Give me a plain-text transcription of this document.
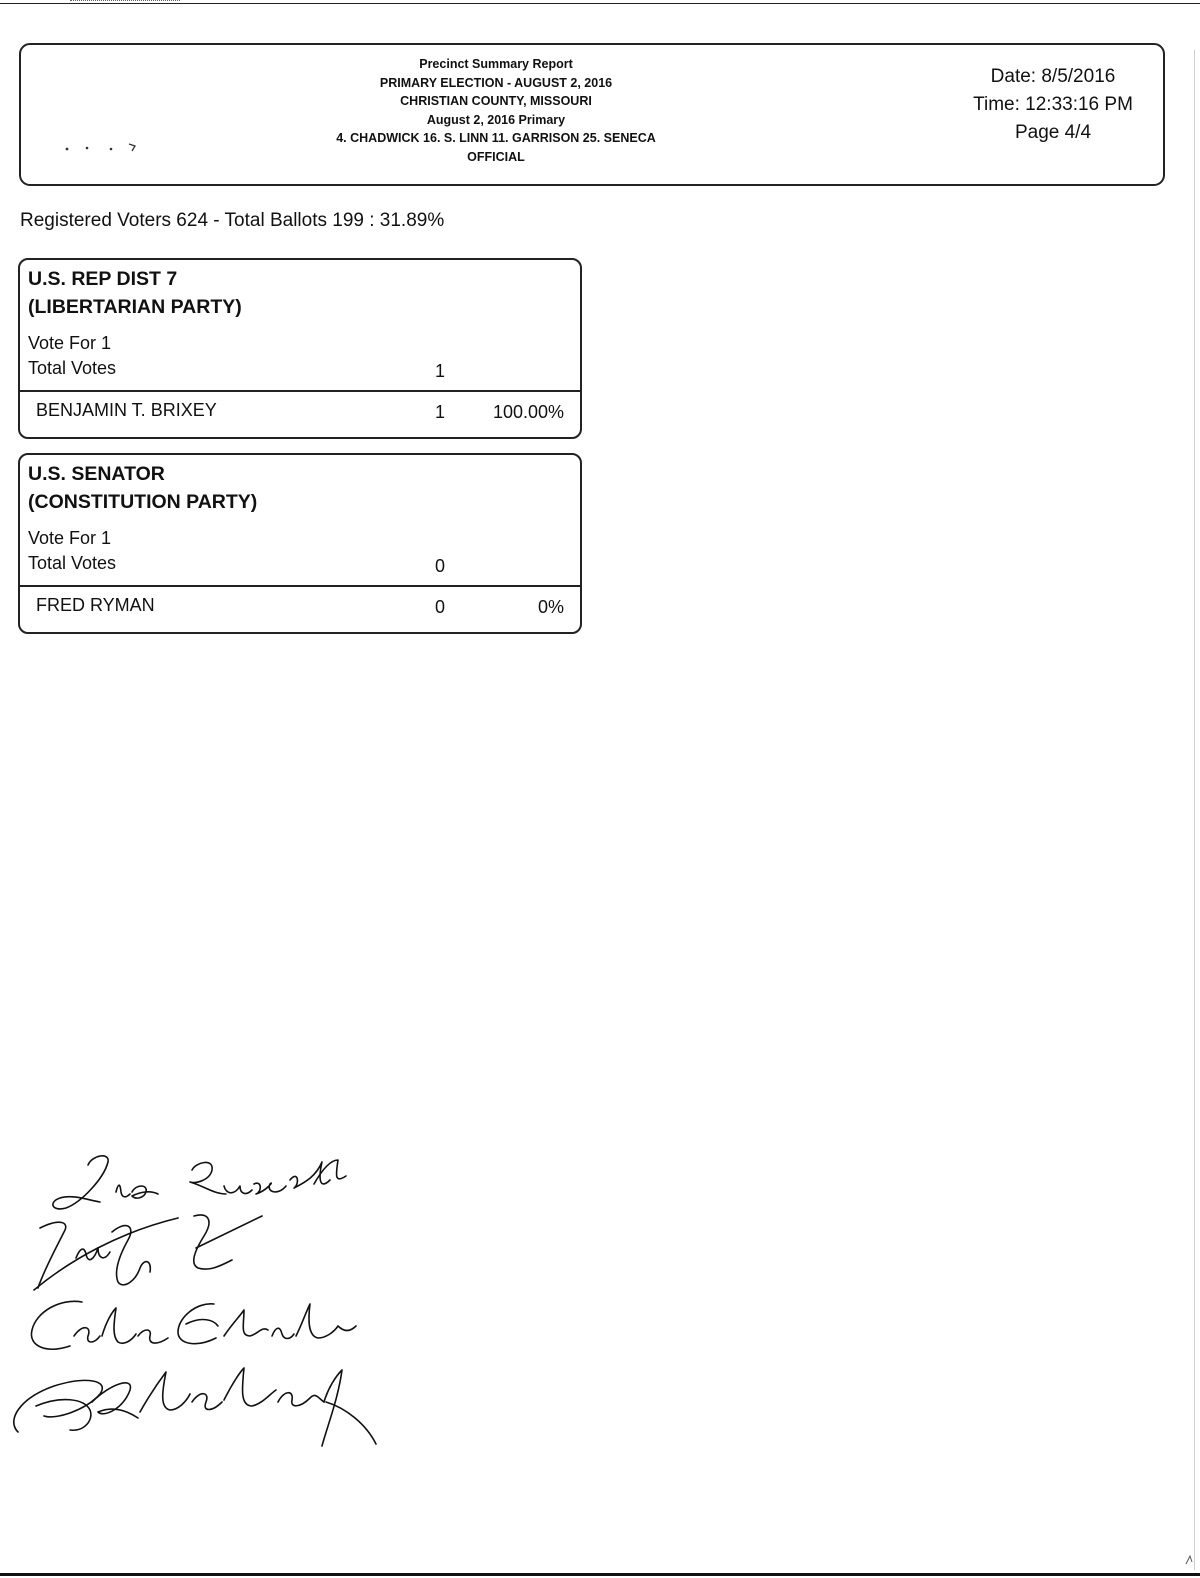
Precinct Summary Report
PRIMARY ELECTION - AUGUST 2, 2016
CHRISTIAN COUNTY, MISSOURI
August 2, 2016 Primary
4. CHADWICK 16. S. LINN 11. GARRISON 25. SENECA
OFFICIAL
Date: 8/5/2016
Time: 12:33:16 PM
Page 4/4
Registered Voters 624 - Total Ballots 199 : 31.89%
U.S. REP DIST 7
(LIBERTARIAN PARTY)
Vote For 1
Total Votes	1
BENJAMIN T. BRIXEY	1	100.00%
U.S. SENATOR
(CONSTITUTION PARTY)
Vote For 1
Total Votes	0
FRED RYMAN	0	0%
